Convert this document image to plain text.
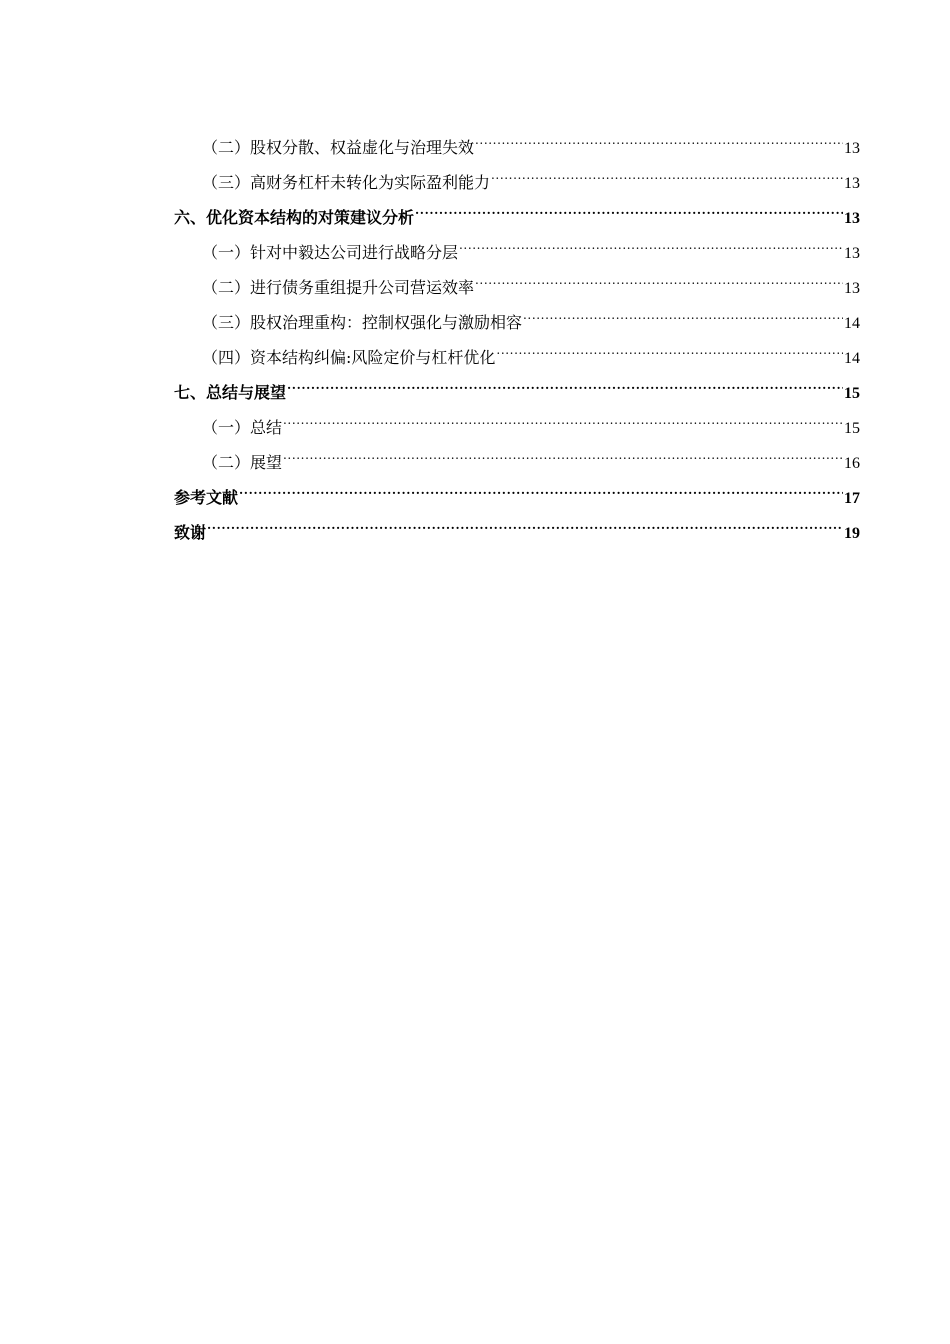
（二）股权分散、权益虚化与治理失效 .....	13
（三）高财务杠杆未转化为实际盈利能力 .....	13
六、优化资本结构的对策建议分析 .....	13
（一）针对中毅达公司进行战略分层 .....	13
（二）进行债务重组提升公司营运效率 .....	13
（三）股权治理重构：控制权强化与激励相容 .....	14
（四）资本结构纠偏:风险定价与杠杆优化 .....	14
七、总结与展望 .....	15
（一）总结 .....	15
（二）展望 .....	16
参考文献 .....	17
致谢 .....	19
